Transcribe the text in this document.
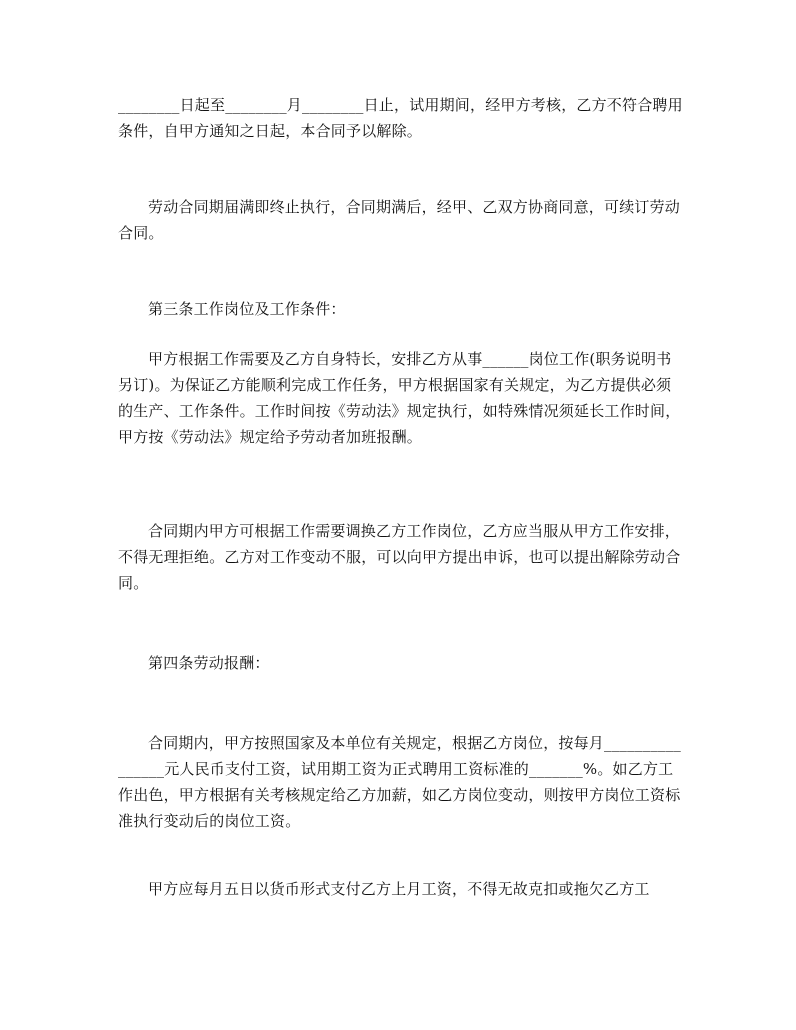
________日起至________月________日止，试用期间，经甲方考核，乙方不符合聘用条件，自甲方通知之日起，本合同予以解除。

劳动合同期届满即终止执行，合同期满后，经甲、乙双方协商同意，可续订劳动合同。

第三条工作岗位及工作条件：

甲方根据工作需要及乙方自身特长，安排乙方从事______岗位工作(职务说明书另订)。为保证乙方能顺利完成工作任务，甲方根据国家有关规定，为乙方提供必须的生产、工作条件。工作时间按《劳动法》规定执行，如特殊情况须延长工作时间，甲方按《劳动法》规定给予劳动者加班报酬。

合同期内甲方可根据工作需要调换乙方工作岗位，乙方应当服从甲方工作安排，不得无理拒绝。乙方对工作变动不服，可以向甲方提出申诉，也可以提出解除劳动合同。

第四条劳动报酬：

合同期内，甲方按照国家及本单位有关规定，根据乙方岗位，按每月________________元人民币支付工资，试用期工资为正式聘用工资标准的_______%。如乙方工作出色，甲方根据有关考核规定给乙方加薪，如乙方岗位变动，则按甲方岗位工资标准执行变动后的岗位工资。

甲方应每月五日以货币形式支付乙方上月工资，不得无故克扣或拖欠乙方工
